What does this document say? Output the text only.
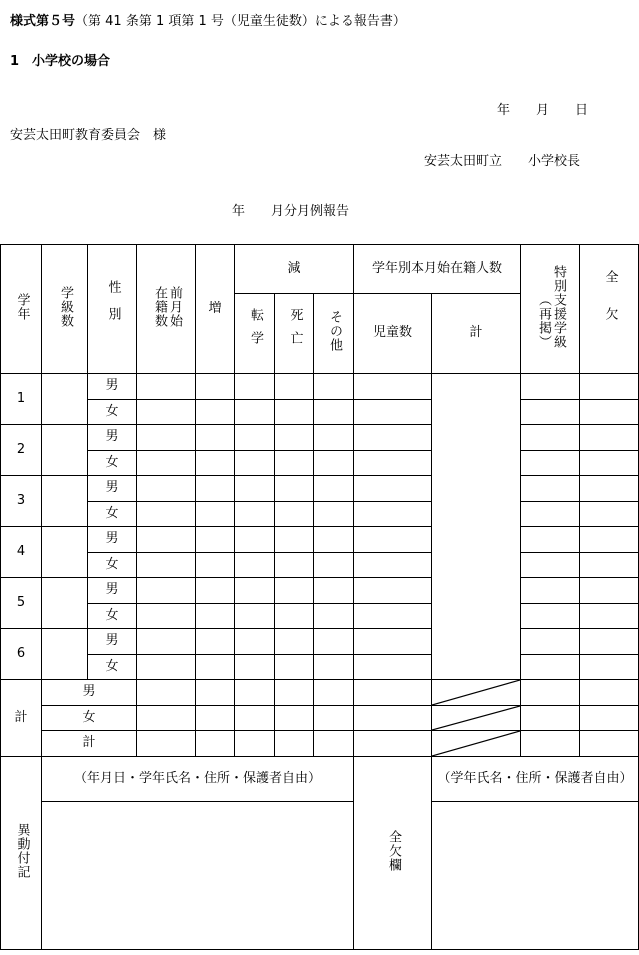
様式第５号（第 41 条第 1 項第 1 号（児童生徒数）による報告書）
1　小学校の場合
年　　月　　日
安芸太田町教育委員会　様
安芸太田町立　　小学校長
年　　月分月例報告
学年	学級数	性別	在籍数前月始	増	減			学年別本月始在籍人数		（再掲）特別支援学級	全欠
					転学	死亡	その他	児童数	計		
1		男									
		女									
2		男									
		女									
3		男									
		女									
4		男									
		女									
5		男									
		女									
6		男									
		女									
計	男							

	女							

	計							

異動付記	（年月日・学年氏名・住所・保護者自由）							全欠欄	（学年氏名・住所・保護者自由）		
